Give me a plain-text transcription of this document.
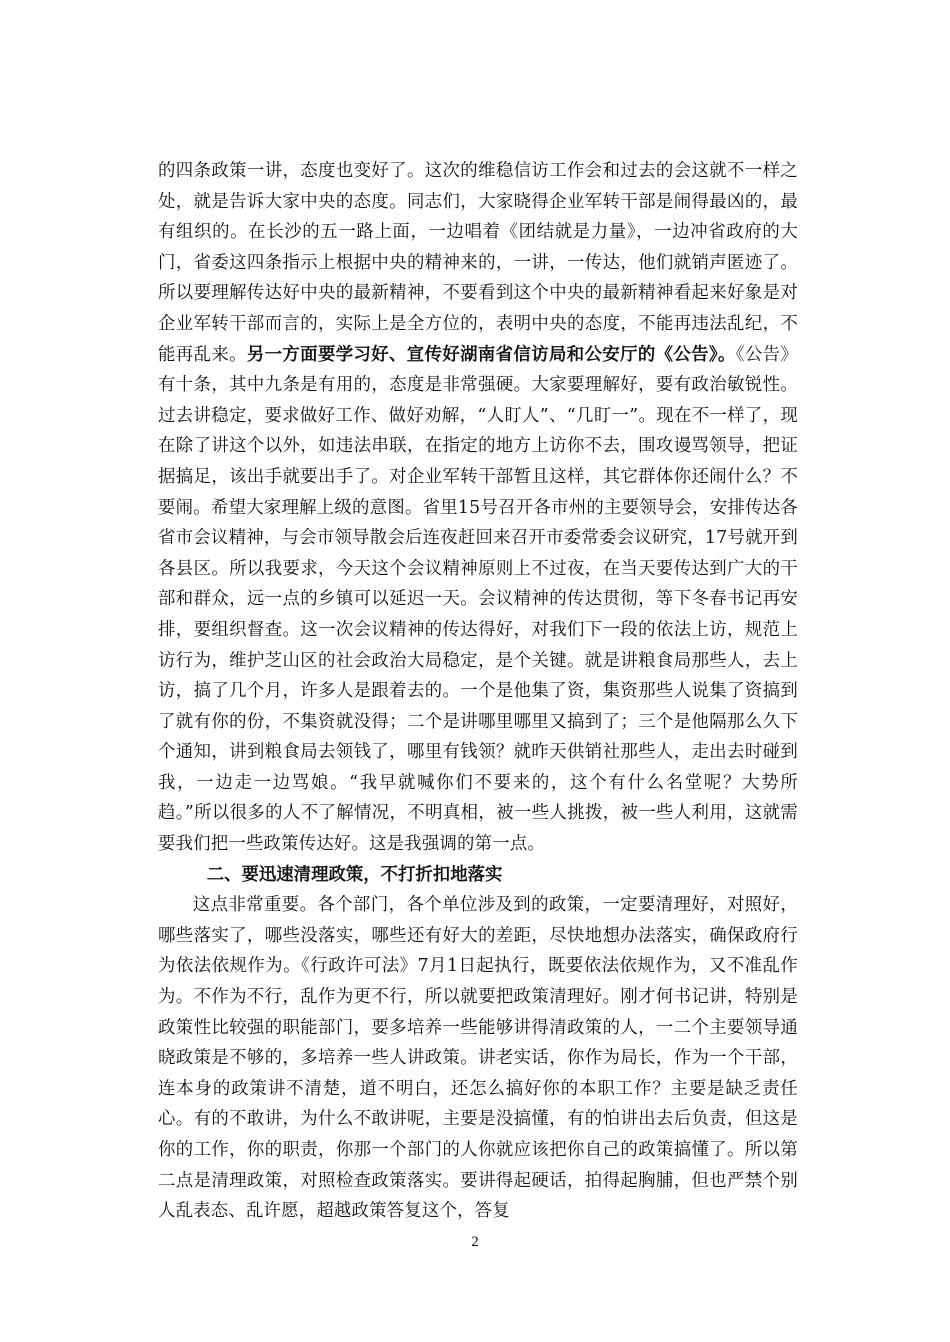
的四条政策一讲，态度也变好了。这次的维稳信访工作会和过去的会这就不一样之处，就是告诉大家中央的态度。同志们，大家晓得企业军转干部是闹得最凶的，最有组织的。在长沙的五一路上面，一边唱着《团结就是力量》，一边冲省政府的大门，省委这四条指示上根据中央的精神来的，一讲，一传达，他们就销声匿迹了。所以要理解传达好中央的最新精神，不要看到这个中央的最新精神看起来好象是对企业军转干部而言的，实际上是全方位的，表明中央的态度，不能再违法乱纪，不能再乱来。另一方面要学习好、宣传好湖南省信访局和公安厅的《公告》。《公告》有十条，其中九条是有用的，态度是非常强硬。大家要理解好，要有政治敏锐性。过去讲稳定，要求做好工作、做好劝解，“人盯人”、“几盯一”。现在不一样了，现在除了讲这个以外，如违法串联，在指定的地方上访你不去，围攻谩骂领导，把证据搞足，该出手就要出手了。对企业军转干部暂且这样，其它群体你还闹什么？不要闹。希望大家理解上级的意图。省里15号召开各市州的主要领导会，安排传达各省市会议精神，与会市领导散会后连夜赶回来召开市委常委会议研究，17号就开到各县区。所以我要求，今天这个会议精神原则上不过夜，在当天要传达到广大的干部和群众，远一点的乡镇可以延迟一天。会议精神的传达贯彻，等下冬春书记再安排，要组织督查。这一次会议精神的传达得好，对我们下一段的依法上访，规范上访行为，维护芝山区的社会政治大局稳定，是个关键。就是讲粮食局那些人，去上访，搞了几个月，许多人是跟着去的。一个是他集了资，集资那些人说集了资搞到了就有你的份，不集资就没得；二个是讲哪里哪里又搞到了；三个是他隔那么久下个通知，讲到粮食局去领钱了，哪里有钱领？就昨天供销社那些人，走出去时碰到我，一边走一边骂娘。“我早就喊你们不要来的，这个有什么名堂呢？大势所趋。”所以很多的人不了解情况，不明真相，被一些人挑拨，被一些人利用，这就需要我们把一些政策传达好。这是我强调的第一点。

二、要迅速清理政策，不打折扣地落实

这点非常重要。各个部门，各个单位涉及到的政策，一定要清理好，对照好，哪些落实了，哪些没落实，哪些还有好大的差距，尽快地想办法落实，确保政府行为依法依规作为。《行政许可法》7月1日起执行，既要依法依规作为，又不准乱作为。不作为不行，乱作为更不行，所以就要把政策清理好。刚才何书记讲，特别是政策性比较强的职能部门，要多培养一些能够讲得清政策的人，一二个主要领导通晓政策是不够的，多培养一些人讲政策。讲老实话，你作为局长，作为一个干部，连本身的政策讲不清楚，道不明白，还怎么搞好你的本职工作？主要是缺乏责任心。有的不敢讲，为什么不敢讲呢，主要是没搞懂，有的怕讲出去后负责，但这是你的工作，你的职责，你那一个部门的人你就应该把你自己的政策搞懂了。所以第二点是清理政策，对照检查政策落实。要讲得起硬话，拍得起胸脯，但也严禁个别人乱表态、乱许愿，超越政策答复这个，答复

2
